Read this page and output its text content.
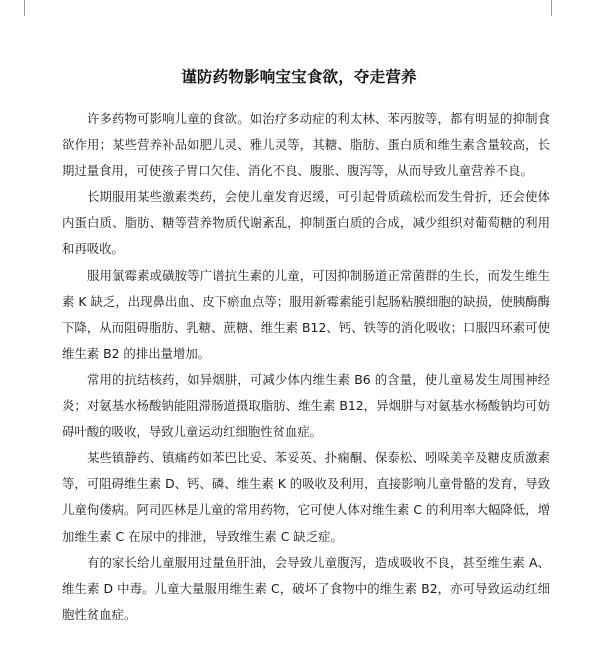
谨防药物影响宝宝食欲，夺走营养

许多药物可影响儿童的食欲。如治疗多动症的利太林、苯丙胺等，都有明显的抑制食欲作用；某些营养补品如肥儿灵、雅儿灵等，其糖、脂肪、蛋白质和维生素含量较高，长期过量食用，可使孩子胃口欠佳、消化不良、腹胀、腹泻等，从而导致儿童营养不良。

长期服用某些激素类药，会使儿童发育迟缓，可引起骨质疏松而发生骨折，还会使体内蛋白质、脂肪、糖等营养物质代谢紊乱，抑制蛋白质的合成，减少组织对葡萄糖的利用和再吸收。

服用氯霉素或磺胺等广谱抗生素的儿童，可因抑制肠道正常菌群的生长，而发生维生素 K 缺乏，出现鼻出血、皮下瘀血点等；服用新霉素能引起肠粘膜细胞的缺损，使胰酶酶下降，从而阻碍脂肪、乳糖、蔗糖、维生素 B12、钙、铁等的消化吸收；口服四环素可使维生素 B2 的排出量增加。

常用的抗结核药，如异烟肼，可减少体内维生素 B6 的含量，使儿童易发生周围神经炎；对氨基水杨酸钠能阻滞肠道摄取脂肪、维生素 B12，异烟肼与对氨基水杨酸钠均可妨碍叶酸的吸收，导致儿童运动红细胞性贫血症。

某些镇静药、镇痛药如苯巴比妥、苯妥英、扑痫酮、保泰松、吲哚美辛及糖皮质激素等，可阻碍维生素 D、钙、磷、维生素 K 的吸收及利用，直接影响儿童骨骼的发育，导致儿童佝偻病。阿司匹林是儿童的常用药物，它可使人体对维生素 C 的利用率大幅降低，增加维生素 C 在尿中的排泄，导致维生素 C 缺乏症。

有的家长给儿童服用过量鱼肝油，会导致儿童腹泻，造成吸收不良，甚至维生素 A、维生素 D 中毒。儿童大量服用维生素 C，破坏了食物中的维生素 B2，亦可导致运动红细胞性贫血症。
